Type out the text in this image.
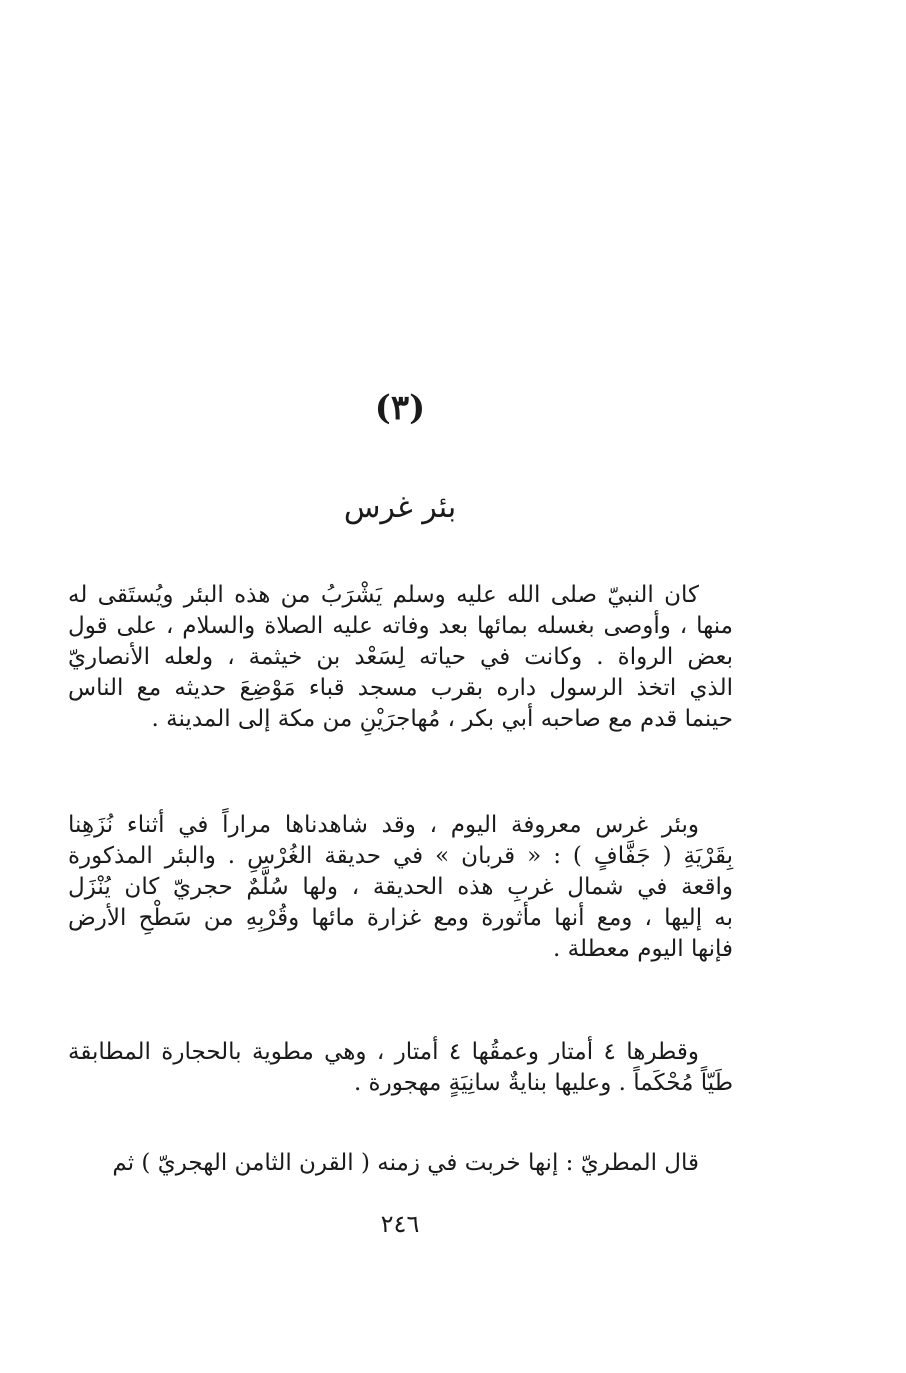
(٣)
بئر غرس
كان النبيّ صلى الله عليه وسلم يَشْرَبُ من هذه البئر ويُستَقى له
منها ، وأوصى بغسله بمائها بعد وفاته عليه الصلاة والسلام ، على قول
بعض الرواة . وكانت في حياته لِسَعْد بن خيثمة ، ولعله الأنصاريّ
الذي اتخذ الرسول داره بقرب مسجد قباء مَوْضِعَ حديثه مع الناس
حينما قدم مع صاحبه أبي بكر ، مُهاجرَيْنِ من مكة إلى المدينة .
وبئر غرس معروفة اليوم ، وقد شاهدناها مراراً في أثناء نُزَهِنا
بِقَرْيَةِ ( جَفَّافٍ ) : « قربان » في حديقة الغُرْسِ . والبئر المذكورة
واقعة في شمال غربِ هذه الحديقة ، ولها سُلَّمٌ حجريّ كان يُنْزَل
به إليها ، ومع أنها مأثورة ومع غزارة مائها وقُرْبِهِ من سَطْحِ الأرض
فإنها اليوم معطلة .
وقطرها ٤ أمتار وعمقُها ٤ أمتار ، وهي مطوية بالحجارة المطابقة
طَيّاً مُحْكَماً . وعليها بنايةٌ سانِيَةٍ مهجورة .
قال المطريّ : إنها خربت في زمنه ( القرن الثامن الهجريّ ) ثم
٢٤٦
